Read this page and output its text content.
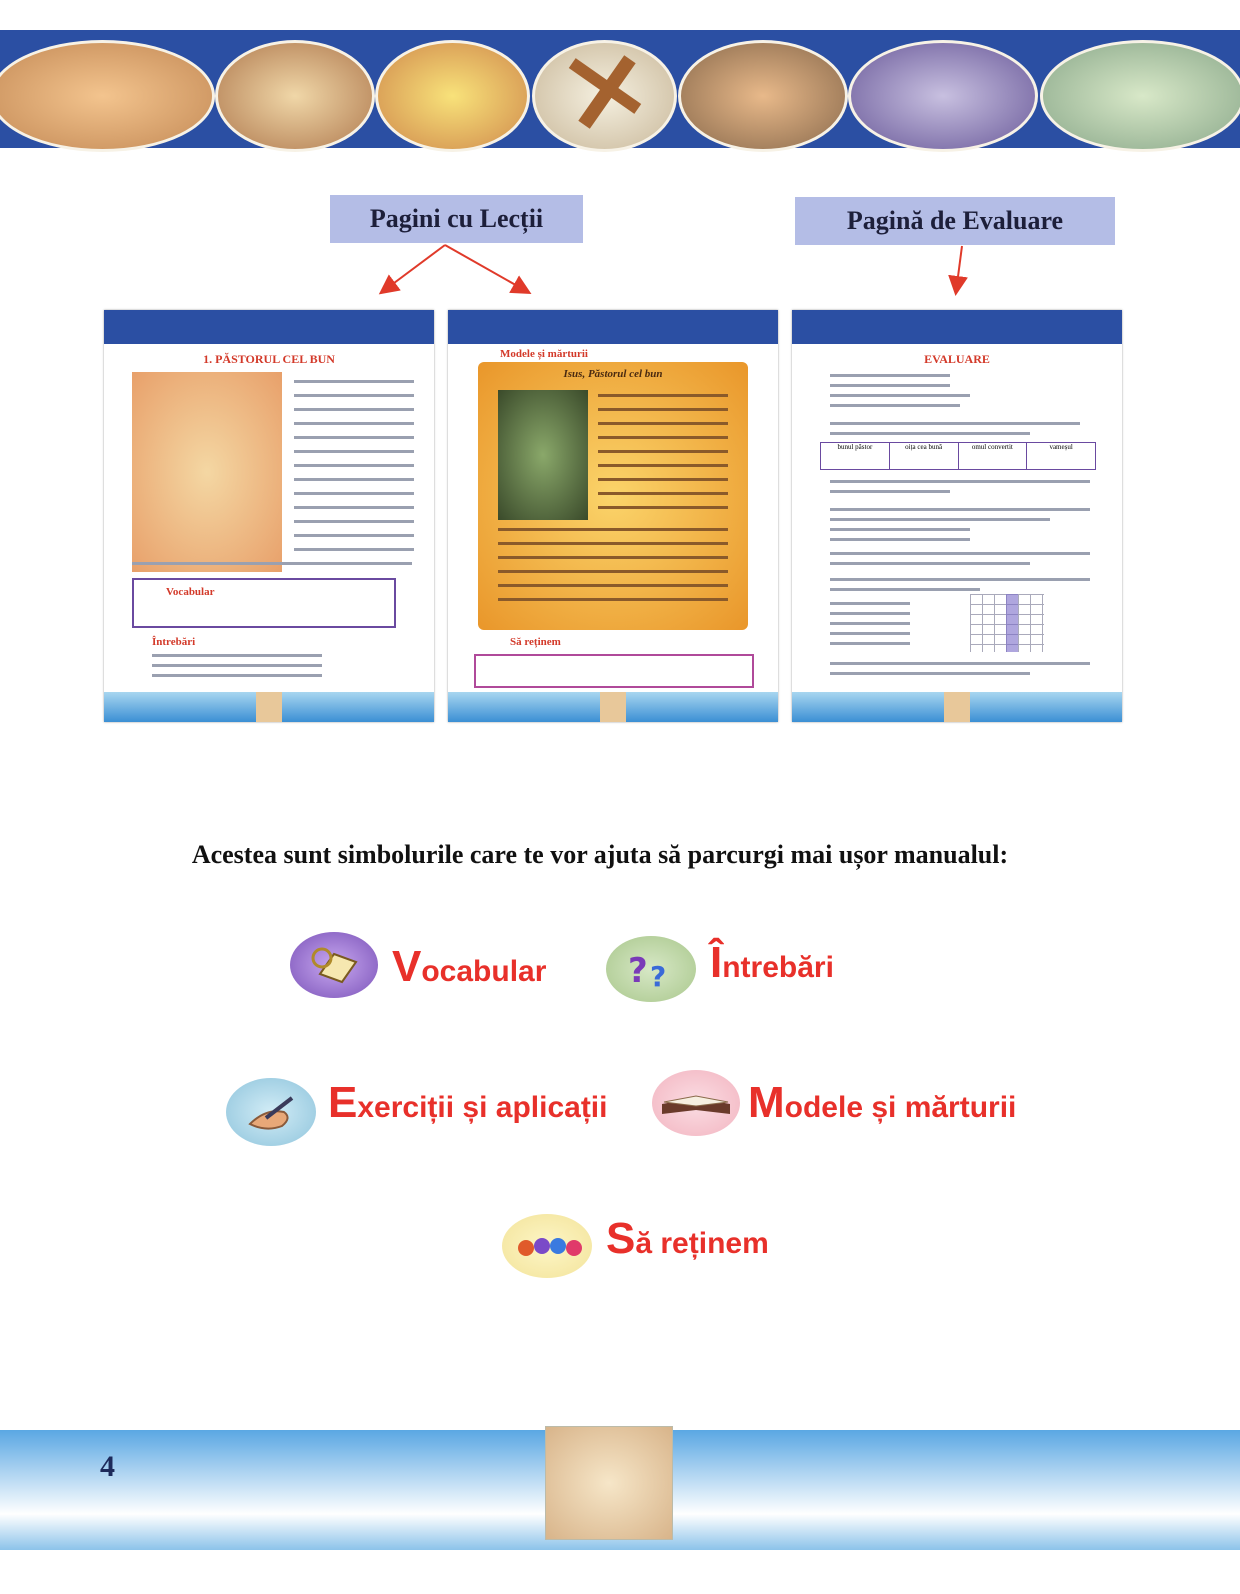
Pagini cu Lecții	Pagină de Evaluare
1. PĂSTORUL CEL BUN
Vocabular
Întrebări
Modele și mărturii
Isus, Păstorul cel bun
Să reținem
EVALUARE
bunul păstor	oița cea bună	omul convertit	vameșul
Acestea sunt simbolurile care te vor ajuta să parcurgi mai ușor manualul:
Vocabular ? ? Întrebări
Exerciții și aplicații	Modele și mărturii
Să reținem
4
